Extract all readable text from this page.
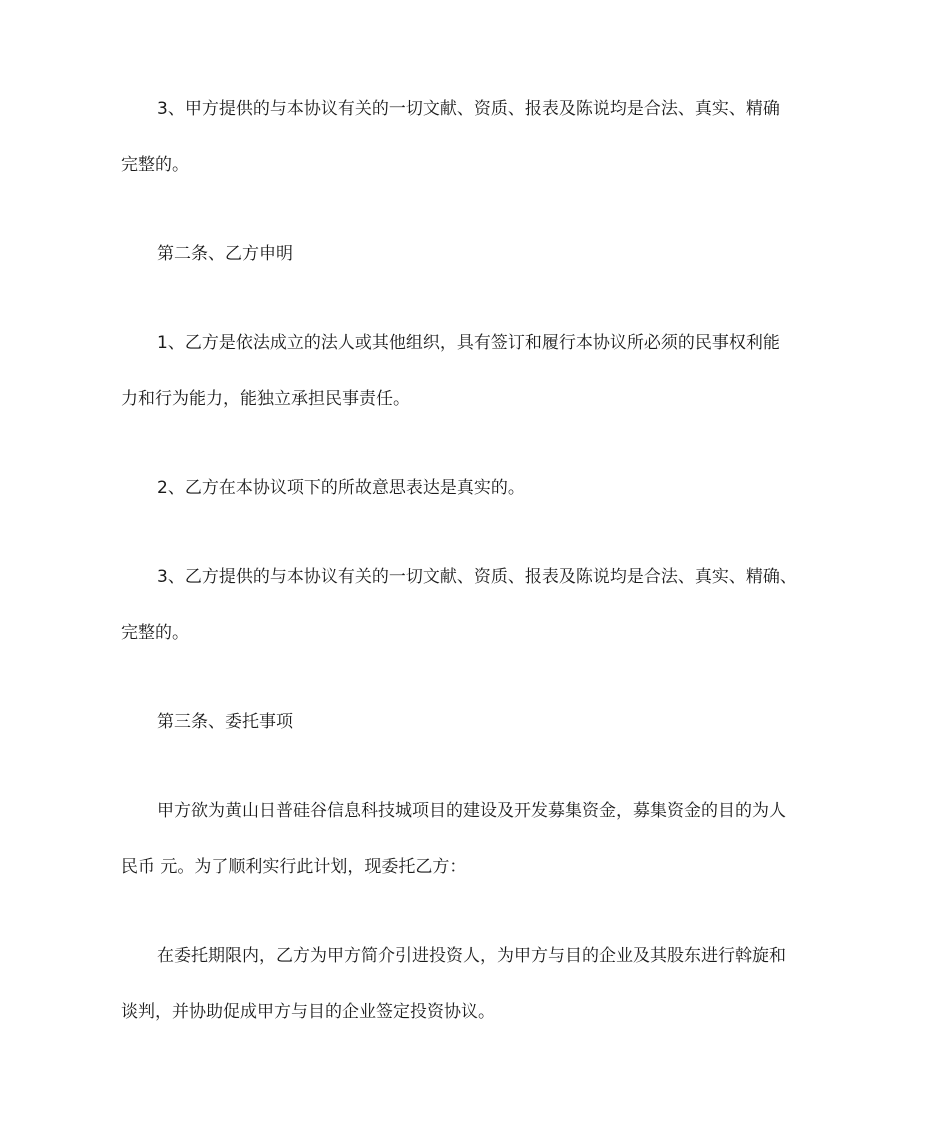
3、甲方提供的与本协议有关的一切文献、资质、报表及陈说均是合法、真实、精确

完整的。

第二条、乙方申明

1、乙方是依法成立的法人或其他组织，具有签订和履行本协议所必须的民事权利能

力和行为能力，能独立承担民事责任。

2、乙方在本协议项下的所故意思表达是真实的。

3、乙方提供的与本协议有关的一切文献、资质、报表及陈说均是合法、真实、精确、

完整的。

第三条、委托事项

甲方欲为黄山日普硅谷信息科技城项目的建设及开发募集资金，募集资金的目的为人

民币 元。为了顺利实行此计划，现委托乙方：

在委托期限内，乙方为甲方简介引进投资人，为甲方与目的企业及其股东进行斡旋和

谈判，并协助促成甲方与目的企业签定投资协议。
